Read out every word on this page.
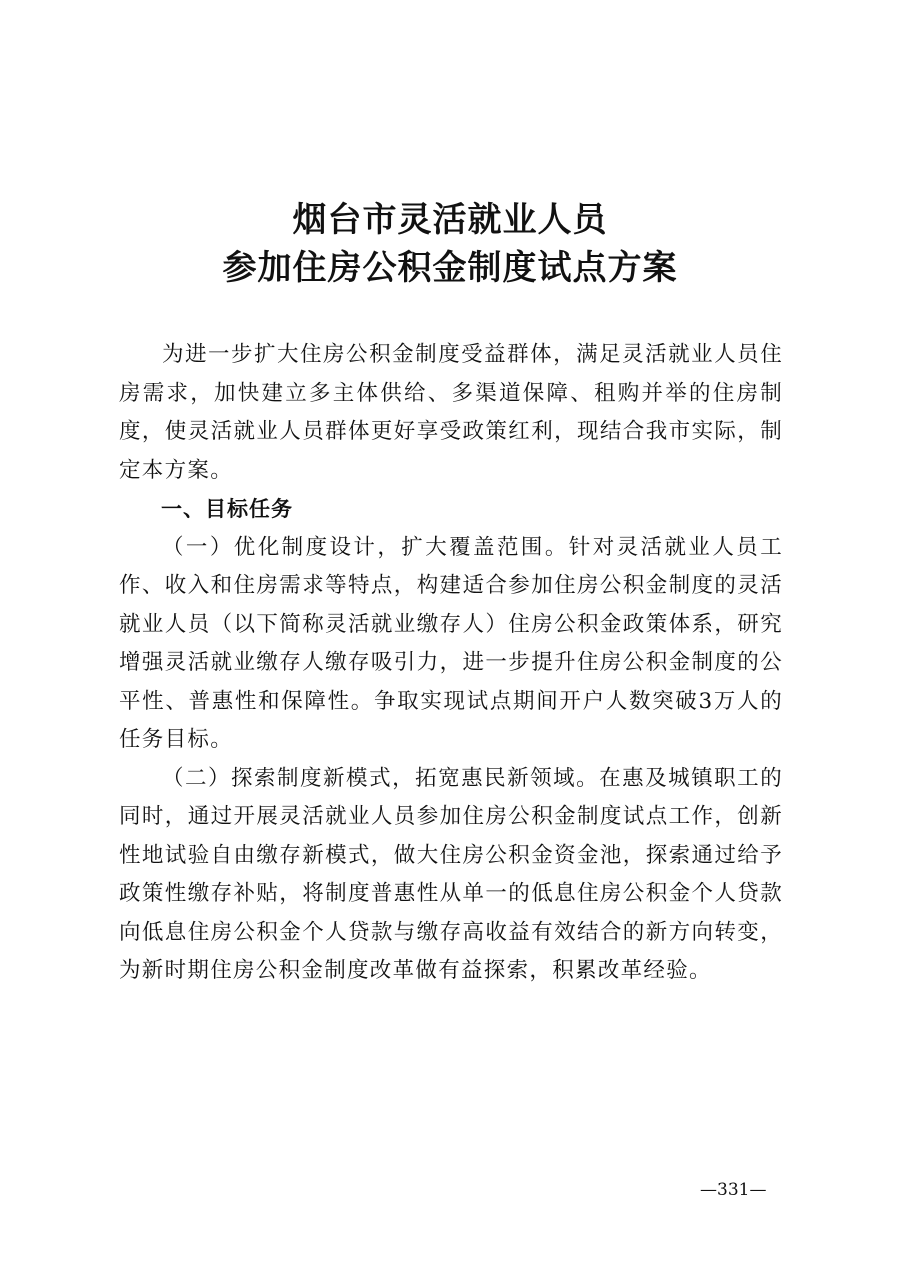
烟台市灵活就业人员
参加住房公积金制度试点方案

为进一步扩大住房公积金制度受益群体，满足灵活就业人员住房需求，加快建立多主体供给、多渠道保障、租购并举的住房制度，使灵活就业人员群体更好享受政策红利，现结合我市实际，制定本方案。

一、目标任务

（一）优化制度设计，扩大覆盖范围。针对灵活就业人员工作、收入和住房需求等特点，构建适合参加住房公积金制度的灵活就业人员（以下简称灵活就业缴存人）住房公积金政策体系，研究增强灵活就业缴存人缴存吸引力，进一步提升住房公积金制度的公平性、普惠性和保障性。争取实现试点期间开户人数突破3万人的任务目标。

（二）探索制度新模式，拓宽惠民新领域。在惠及城镇职工的同时，通过开展灵活就业人员参加住房公积金制度试点工作，创新性地试验自由缴存新模式，做大住房公积金资金池，探索通过给予政策性缴存补贴，将制度普惠性从单一的低息住房公积金个人贷款向低息住房公积金个人贷款与缴存高收益有效结合的新方向转变，为新时期住房公积金制度改革做有益探索，积累改革经验。

—331—
